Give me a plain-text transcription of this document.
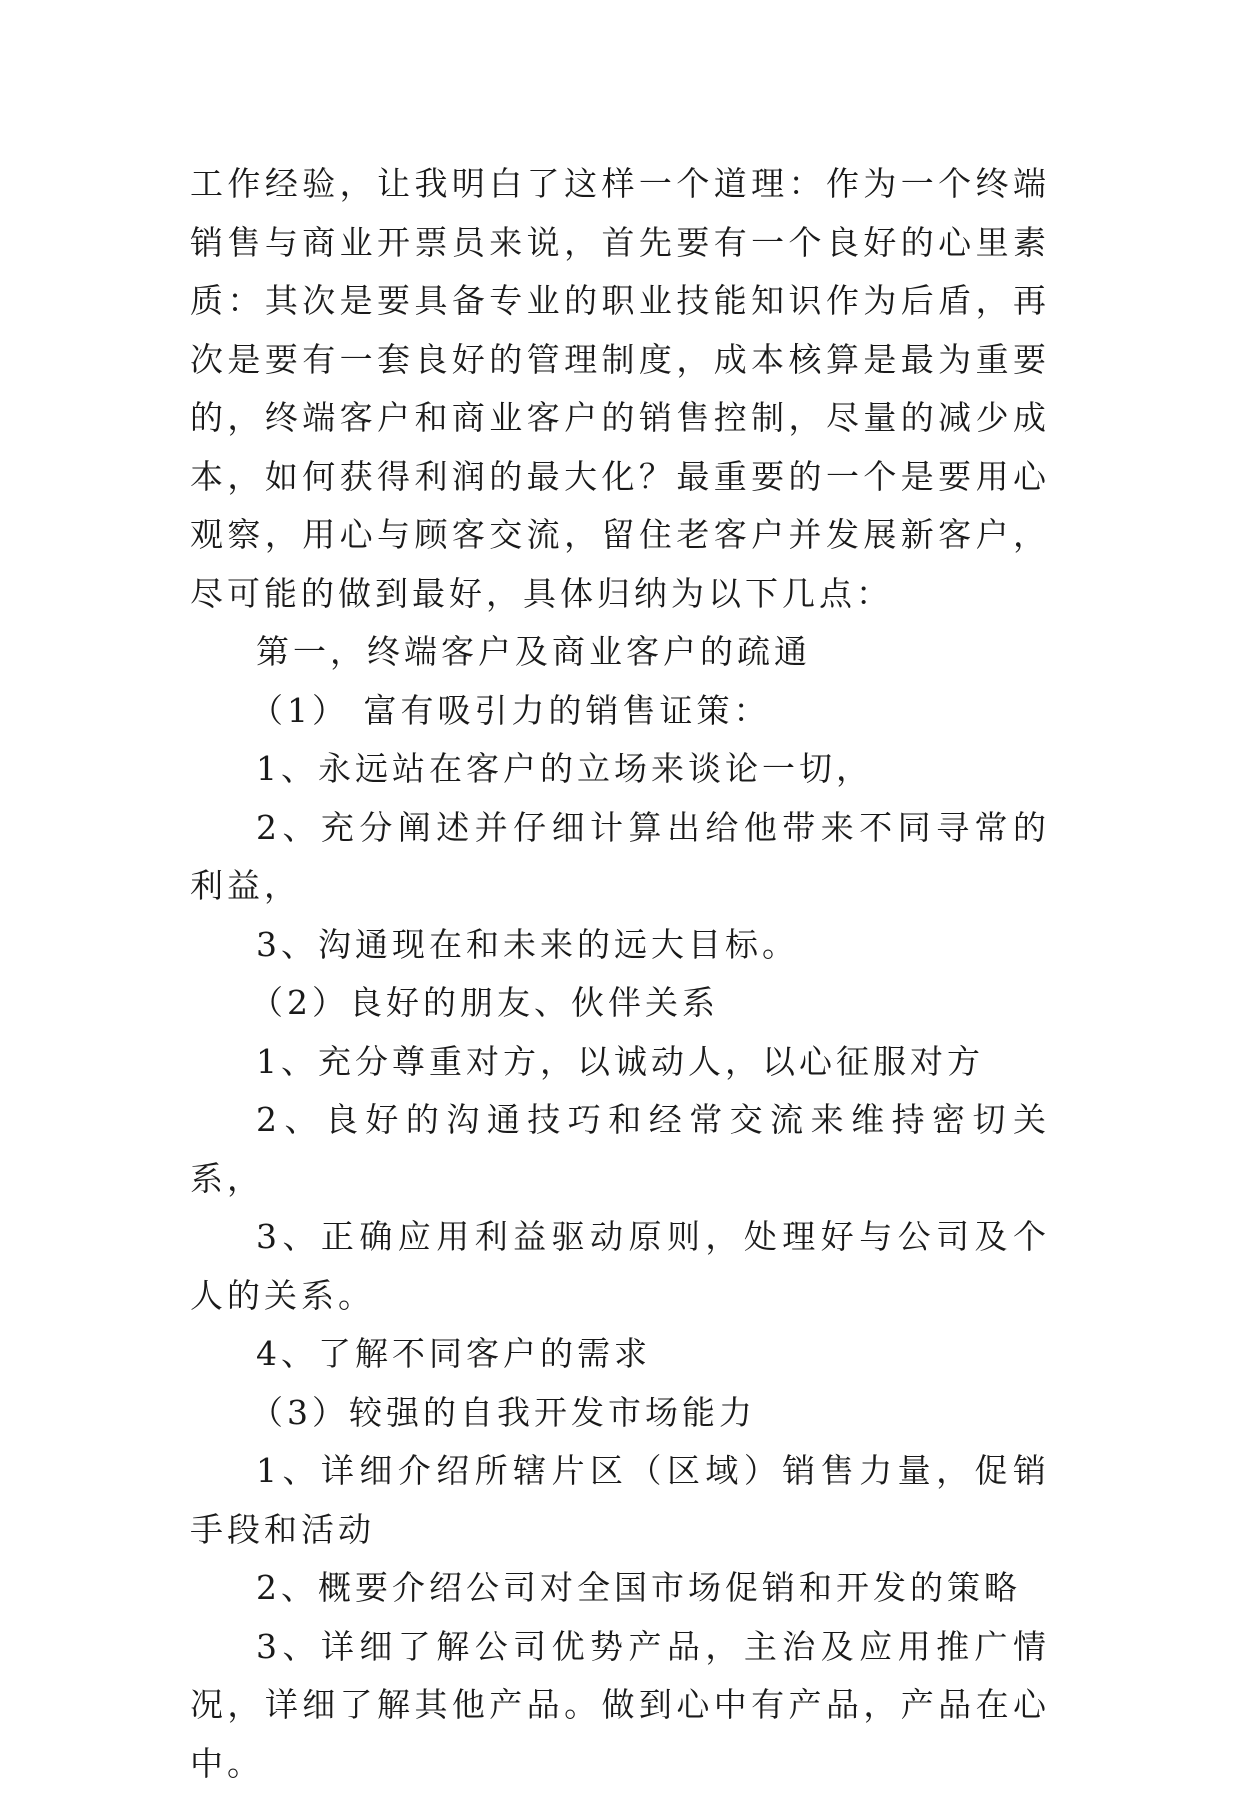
工作经验，让我明白了这样一个道理：作为一个终端销售与商业开票员来说，首先要有一个良好的心里素质：其次是要具备专业的职业技能知识作为后盾，再次是要有一套良好的管理制度，成本核算是最为重要的，终端客户和商业客户的销售控制，尽量的减少成本，如何获得利润的最大化？最重要的一个是要用心观察，用心与顾客交流，留住老客户并发展新客户，尽可能的做到最好，具体归纳为以下几点：

第一，终端客户及商业客户的疏通

（1） 富有吸引力的销售证策：

1、永远站在客户的立场来谈论一切，

2、充分阐述并仔细计算出给他带来不同寻常的利益，

3、沟通现在和未来的远大目标。

（2）良好的朋友、伙伴关系

1、充分尊重对方，以诚动人，以心征服对方

2、良好的沟通技巧和经常交流来维持密切关系，

3、正确应用利益驱动原则，处理好与公司及个人的关系。

4、了解不同客户的需求

（3）较强的自我开发市场能力

1、详细介绍所辖片区（区域）销售力量，促销手段和活动

2、概要介绍公司对全国市场促销和开发的策略

3、详细了解公司优势产品，主治及应用推广情况，详细了解其他产品。做到心中有产品，产品在心中。
